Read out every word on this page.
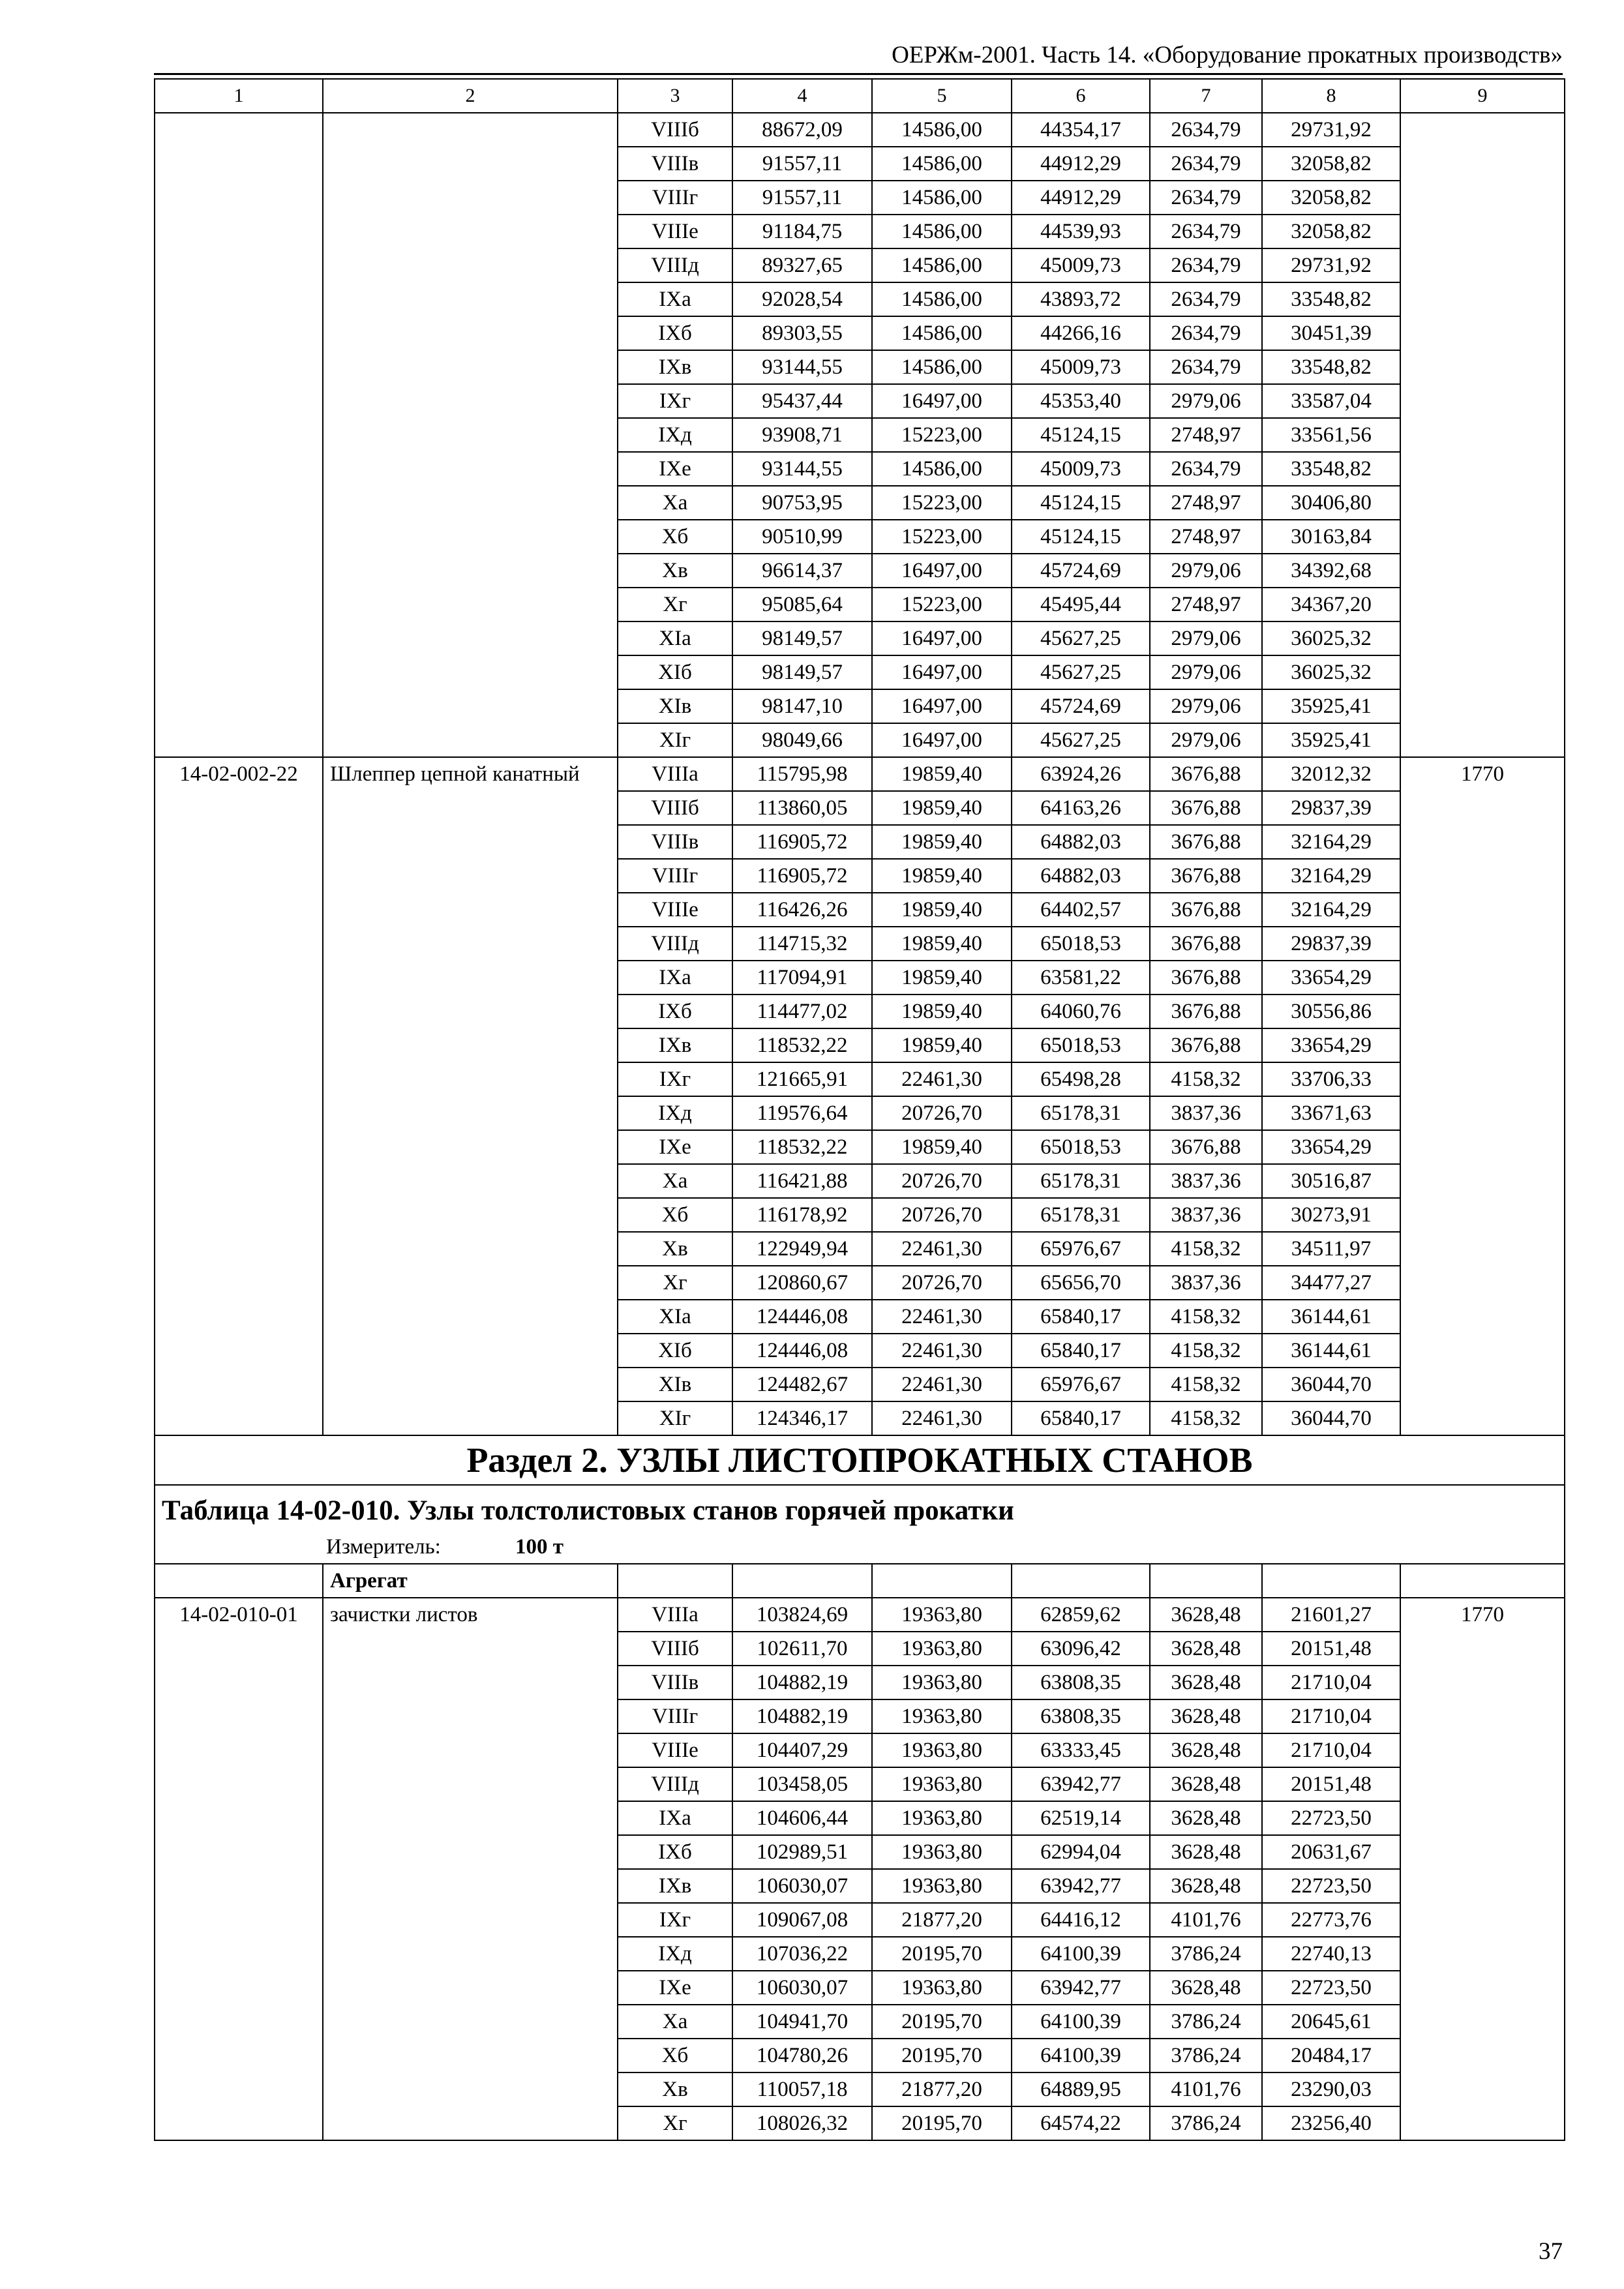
ОЕРЖм-2001. Часть 14. «Оборудование прокатных производств»
1	2	3	4	5	6	7	8	9
		VIIIб	88672,09	14586,00	44354,17	2634,79	29731,92	
		VIIIв	91557,11	14586,00	44912,29	2634,79	32058,82	
		VIIIг	91557,11	14586,00	44912,29	2634,79	32058,82	
		VIIIe	91184,75	14586,00	44539,93	2634,79	32058,82	
		VIIIд	89327,65	14586,00	45009,73	2634,79	29731,92	
		IXa	92028,54	14586,00	43893,72	2634,79	33548,82	
		IXб	89303,55	14586,00	44266,16	2634,79	30451,39	
		IXв	93144,55	14586,00	45009,73	2634,79	33548,82	
		IXг	95437,44	16497,00	45353,40	2979,06	33587,04	
		IXд	93908,71	15223,00	45124,15	2748,97	33561,56	
		IXe	93144,55	14586,00	45009,73	2634,79	33548,82	
		Xa	90753,95	15223,00	45124,15	2748,97	30406,80	
		Xб	90510,99	15223,00	45124,15	2748,97	30163,84	
		Xв	96614,37	16497,00	45724,69	2979,06	34392,68	
		Xг	95085,64	15223,00	45495,44	2748,97	34367,20	
		XIa	98149,57	16497,00	45627,25	2979,06	36025,32	
		XIб	98149,57	16497,00	45627,25	2979,06	36025,32	
		XIв	98147,10	16497,00	45724,69	2979,06	35925,41	
		XIг	98049,66	16497,00	45627,25	2979,06	35925,41	
14-02-002-22	Шлеппер цепной канатный	VIIIa	115795,98	19859,40	63924,26	3676,88	32012,32	1770
		VIIIб	113860,05	19859,40	64163,26	3676,88	29837,39	
		VIIIв	116905,72	19859,40	64882,03	3676,88	32164,29	
		VIIIг	116905,72	19859,40	64882,03	3676,88	32164,29	
		VIIIe	116426,26	19859,40	64402,57	3676,88	32164,29	
		VIIIд	114715,32	19859,40	65018,53	3676,88	29837,39	
		IXa	117094,91	19859,40	63581,22	3676,88	33654,29	
		IXб	114477,02	19859,40	64060,76	3676,88	30556,86	
		IXв	118532,22	19859,40	65018,53	3676,88	33654,29	
		IXг	121665,91	22461,30	65498,28	4158,32	33706,33	
		IXд	119576,64	20726,70	65178,31	3837,36	33671,63	
		IXe	118532,22	19859,40	65018,53	3676,88	33654,29	
		Xa	116421,88	20726,70	65178,31	3837,36	30516,87	
		Xб	116178,92	20726,70	65178,31	3837,36	30273,91	
		Xв	122949,94	22461,30	65976,67	4158,32	34511,97	
		Xг	120860,67	20726,70	65656,70	3837,36	34477,27	
		XIa	124446,08	22461,30	65840,17	4158,32	36144,61	
		XIб	124446,08	22461,30	65840,17	4158,32	36144,61	
		XIв	124482,67	22461,30	65976,67	4158,32	36044,70	
		XIг	124346,17	22461,30	65840,17	4158,32	36044,70	
Раздел 2. УЗЛЫ ЛИСТОПРОКАТНЫХ СТАНОВ								
Таблица 14-02-010. Узлы толстолистовых станов горячей прокатки								
Измеритель: 100 т								
	Агрегат							
14-02-010-01	зачистки листов	VIIIa	103824,69	19363,80	62859,62	3628,48	21601,27	1770
		VIIIб	102611,70	19363,80	63096,42	3628,48	20151,48	
		VIIIв	104882,19	19363,80	63808,35	3628,48	21710,04	
		VIIIг	104882,19	19363,80	63808,35	3628,48	21710,04	
		VIIIe	104407,29	19363,80	63333,45	3628,48	21710,04	
		VIIIд	103458,05	19363,80	63942,77	3628,48	20151,48	
		IXa	104606,44	19363,80	62519,14	3628,48	22723,50	
		IXб	102989,51	19363,80	62994,04	3628,48	20631,67	
		IXв	106030,07	19363,80	63942,77	3628,48	22723,50	
		IXг	109067,08	21877,20	64416,12	4101,76	22773,76	
		IXд	107036,22	20195,70	64100,39	3786,24	22740,13	
		IXe	106030,07	19363,80	63942,77	3628,48	22723,50	
		Xa	104941,70	20195,70	64100,39	3786,24	20645,61	
		Xб	104780,26	20195,70	64100,39	3786,24	20484,17	
		Xв	110057,18	21877,20	64889,95	4101,76	23290,03	
		Xг	108026,32	20195,70	64574,22	3786,24	23256,40	
37
